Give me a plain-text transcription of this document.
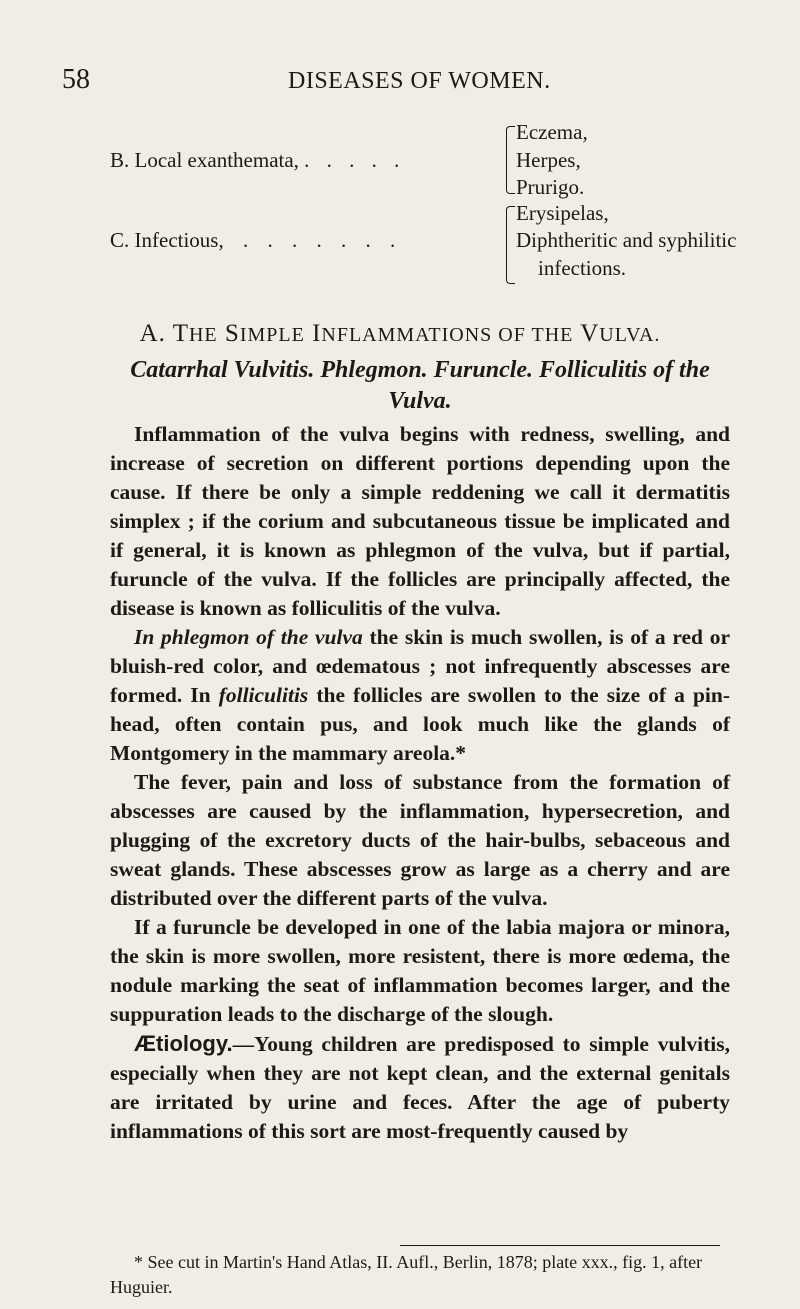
58	DISEASES OF WOMEN.
B. Local exanthemata, . . . . .
Eczema,
Herpes,
Prurigo.
C. Infectious, . . . . . . .
Erysipelas,
Diphtheritic and syphilitic
infections.
A. THE SIMPLE INFLAMMATIONS OF THE VULVA.
Catarrhal Vulvitis. Phlegmon. Furuncle. Folliculitis of the Vulva.

Inflammation of the vulva begins with redness, swelling, and increase of secretion on different portions depending upon the cause. If there be only a simple reddening we call it dermatitis simplex ; if the corium and subcutaneous tissue be implicated and if general, it is known as phlegmon of the vulva, but if partial, furuncle of the vulva. If the follicles are principally affected, the disease is known as folliculitis of the vulva.

In phlegmon of the vulva the skin is much swollen, is of a red or bluish-red color, and œdematous ; not infrequently abscesses are formed. In folliculitis the follicles are swollen to the size of a pin-head, often contain pus, and look much like the glands of Montgomery in the mammary areola.*

The fever, pain and loss of substance from the formation of abscesses are caused by the inflammation, hypersecretion, and plugging of the excretory ducts of the hair-bulbs, sebaceous and sweat glands. These abscesses grow as large as a cherry and are distributed over the different parts of the vulva.

If a furuncle be developed in one of the labia majora or minora, the skin is more swollen, more resistent, there is more œdema, the nodule marking the seat of inflammation becomes larger, and the suppuration leads to the discharge of the slough.

Ætiology.—Young children are predisposed to simple vulvitis, especially when they are not kept clean, and the external genitals are irritated by urine and feces. After the age of puberty inflammations of this sort are most-frequently caused by

* See cut in Martin's Hand Atlas, II. Aufl., Berlin, 1878; plate xxx., fig. 1, after Huguier.
